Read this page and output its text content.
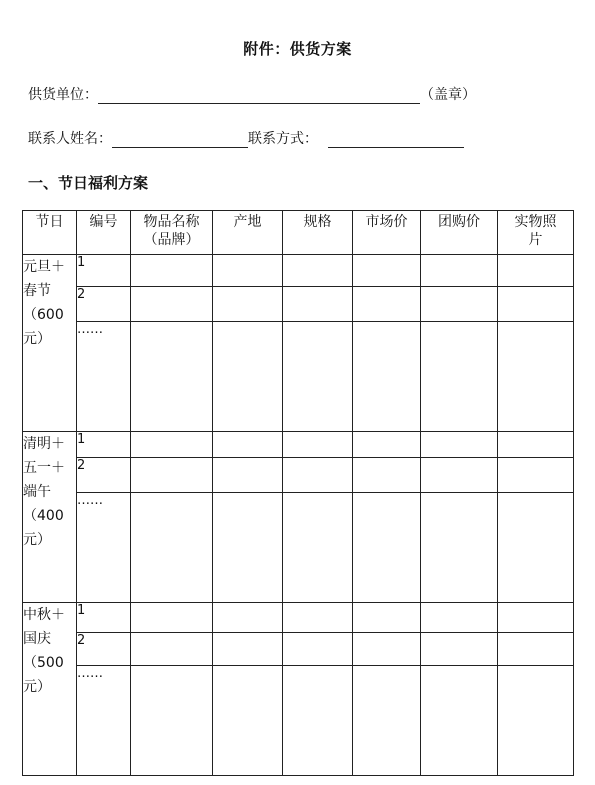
附件：供货方案
供货单位：	（盖章）
联系人姓名：	联系方式：
一、节日福利方案
节日	编号	物品名称（品牌）	产地	规格	市场价	团购价	实物照片
元旦＋春节（600元）	1						
	2						
	……						
清明＋五一＋端午（400元）	1						
	2						
	……						
中秋＋国庆（500元）	1						
	2						
	……						
